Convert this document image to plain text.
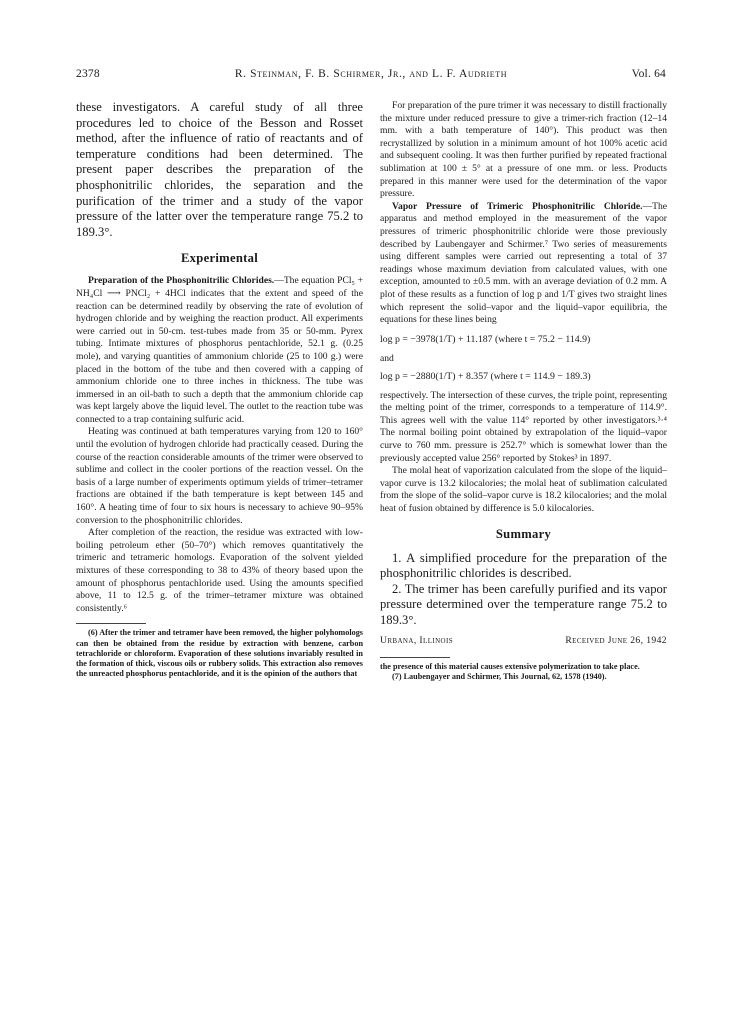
2378	R. Steinman, F. B. Schirmer, Jr., and L. F. Audrieth	Vol. 64

these investigators. A careful study of all three procedures led to choice of the Besson and Rosset method, after the influence of ratio of reactants and of temperature conditions had been determined. The present paper describes the preparation of the phosphonitrilic chlorides, the separation and the purification of the trimer and a study of the vapor pressure of the latter over the temperature range 75.2 to 189.3°.

Experimental

Preparation of the Phosphonitrilic Chlorides.—The equation PCl₅ + NH₄Cl ⟶ PNCl₂ + 4HCl indicates that the extent and speed of the reaction can be determined readily by observing the rate of evolution of hydrogen chloride and by weighing the reaction product. All experiments were carried out in 50-cm. test-tubes made from 35 or 50-mm. Pyrex tubing. Intimate mixtures of phosphorus pentachloride, 52.1 g. (0.25 mole), and varying quantities of ammonium chloride (25 to 100 g.) were placed in the bottom of the tube and then covered with a capping of ammonium chloride one to three inches in thickness. The tube was immersed in an oil-bath to such a depth that the ammonium chloride cap was kept largely above the liquid level. The outlet to the reaction tube was connected to a trap containing sulfuric acid.

Heating was continued at bath temperatures varying from 120 to 160° until the evolution of hydrogen chloride had practically ceased. During the course of the reaction considerable amounts of the trimer were observed to sublime and collect in the cooler portions of the reaction vessel. On the basis of a large number of experiments optimum yields of trimer–tetramer fractions are obtained if the bath temperature is kept between 145 and 160°. A heating time of four to six hours is necessary to achieve 90–95% conversion to the phosphonitrilic chlorides.

After completion of the reaction, the residue was extracted with low-boiling petroleum ether (50–70°) which removes quantitatively the trimeric and tetrameric homologs. Evaporation of the solvent yielded mixtures of these corresponding to 38 to 43% of theory based upon the amount of phosphorus pentachloride used. Using the amounts specified above, 11 to 12.5 g. of the trimer–tetramer mixture was obtained consistently.⁶

(6) After the trimer and tetramer have been removed, the higher polyhomologs can then be obtained from the residue by extraction with benzene, carbon tetrachloride or chloroform. Evaporation of these solutions invariably resulted in the formation of thick, viscous oils or rubbery solids. This extraction also removes the unreacted phosphorus pentachloride, and it is the opinion of the authors that

For preparation of the pure trimer it was necessary to distill fractionally the mixture under reduced pressure to give a trimer-rich fraction (12–14 mm. with a bath temperature of 140°). This product was then recrystallized by solution in a minimum amount of hot 100% acetic acid and subsequent cooling. It was then further purified by repeated fractional sublimation at 100 ± 5° at a pressure of one mm. or less. Products prepared in this manner were used for the determination of the vapor pressure.

Vapor Pressure of Trimeric Phosphonitrilic Chloride.—The apparatus and method employed in the measurement of the vapor pressures of trimeric phosphonitrilic chloride were those previously described by Laubengayer and Schirmer.⁷ Two series of measurements using different samples were carried out representing a total of 37 readings whose maximum deviation from calculated values, with one exception, amounted to ±0.5 mm. with an average deviation of 0.2 mm. A plot of these results as a function of log p and 1/T gives two straight lines which represent the solid–vapor and the liquid–vapor equilibria, the equations for these lines being

log p = −3978(1/T) + 11.187 (where t = 75.2 − 114.9)

and

log p = −2880(1/T) + 8.357 (where t = 114.9 − 189.3)

respectively. The intersection of these curves, the triple point, representing the melting point of the trimer, corresponds to a temperature of 114.9°. This agrees well with the value 114° reported by other investigators.³·⁴ The normal boiling point obtained by extrapolation of the liquid–vapor curve to 760 mm. pressure is 252.7° which is somewhat lower than the previously accepted value 256° reported by Stokes³ in 1897.

The molal heat of vaporization calculated from the slope of the liquid–vapor curve is 13.2 kilocalories; the molal heat of sublimation calculated from the slope of the solid–vapor curve is 18.2 kilocalories; and the molal heat of fusion obtained by difference is 5.0 kilocalories.

Summary

1. A simplified procedure for the preparation of the phosphonitrilic chlorides is described.

2. The trimer has been carefully purified and its vapor pressure determined over the temperature range 75.2 to 189.3°.

Urbana, Illinois	Received June 26, 1942

the presence of this material causes extensive polymerization to take place.

(7) Laubengayer and Schirmer, This Journal, 62, 1578 (1940).
